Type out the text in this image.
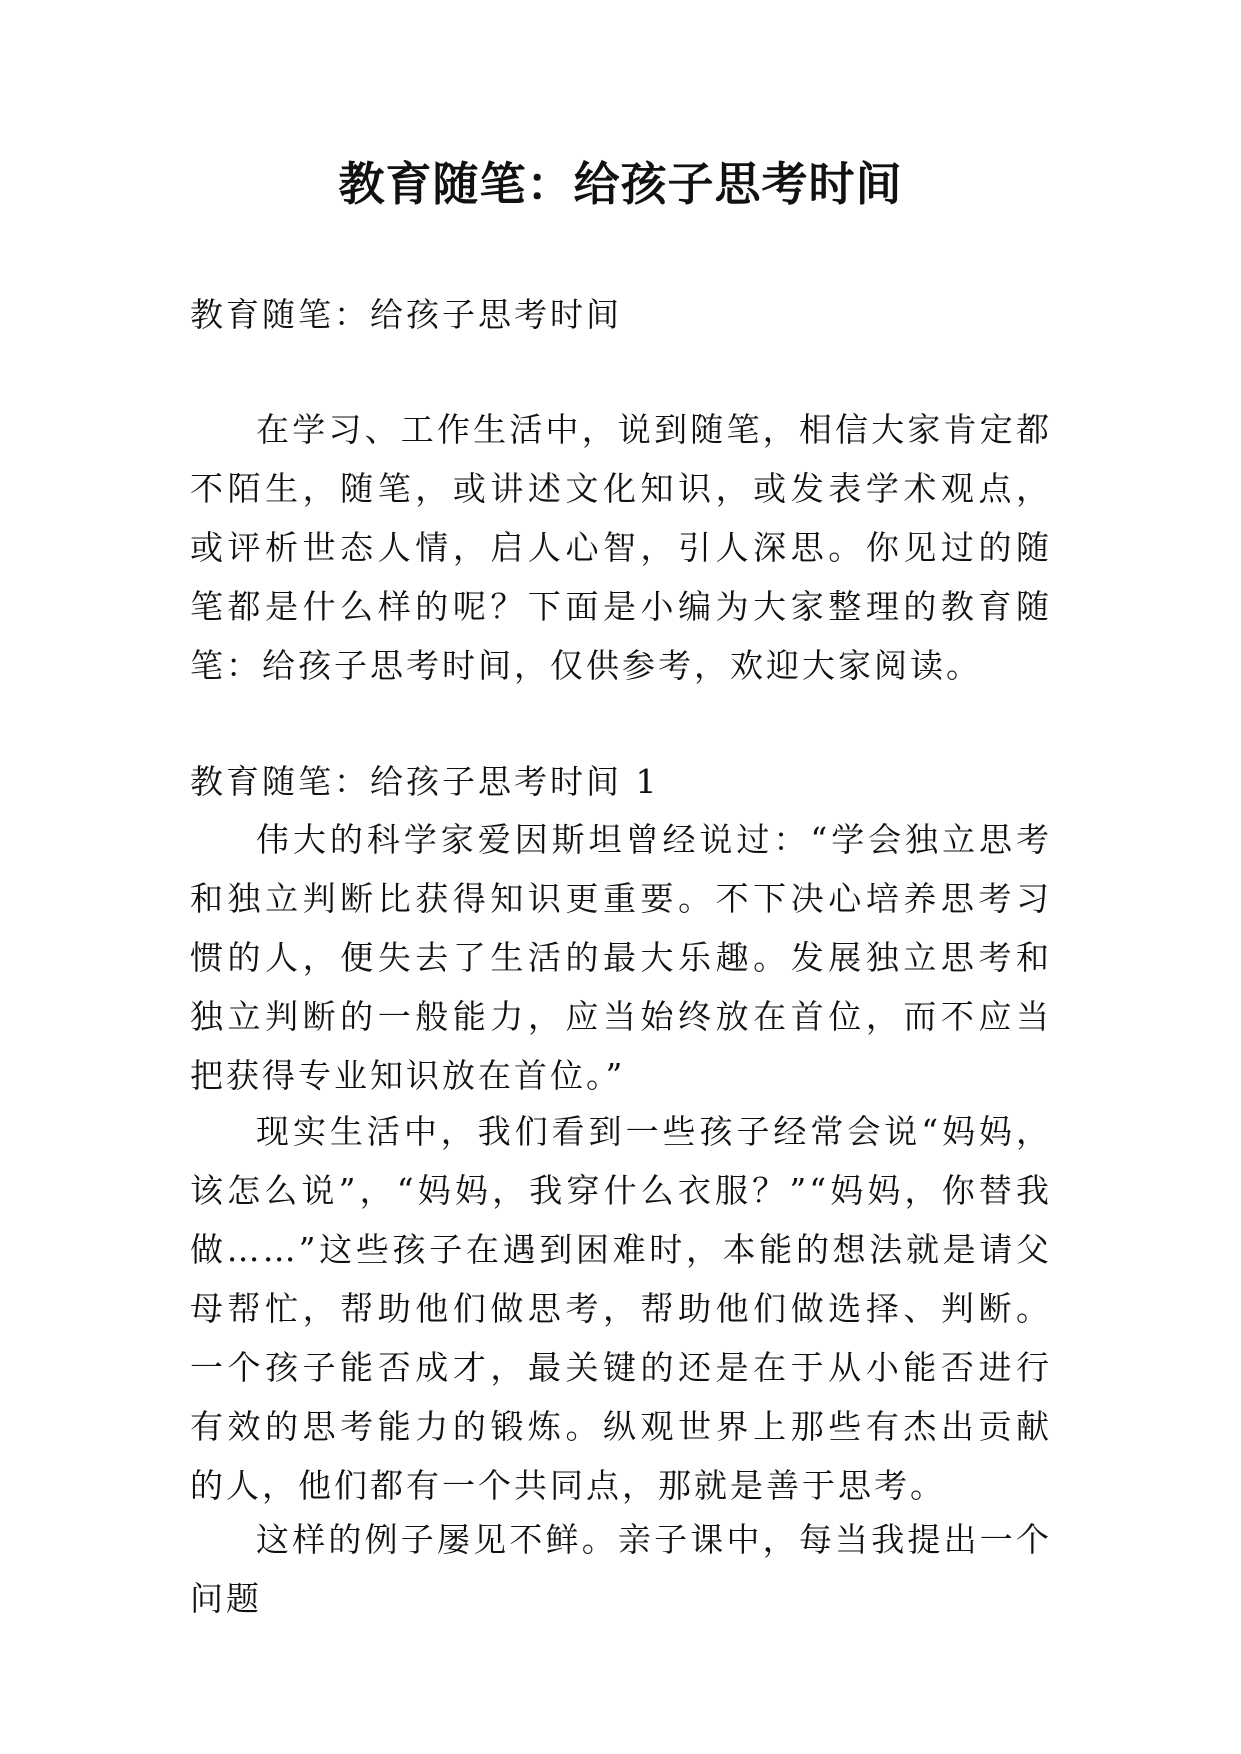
教育随笔：给孩子思考时间

教育随笔：给孩子思考时间

在学习、工作生活中，说到随笔，相信大家肯定都不陌生，随笔，或讲述文化知识，或发表学术观点，或评析世态人情，启人心智，引人深思。你见过的随笔都是什么样的呢？下面是小编为大家整理的教育随笔：给孩子思考时间，仅供参考，欢迎大家阅读。

教育随笔：给孩子思考时间 1

伟大的科学家爱因斯坦曾经说过：“学会独立思考和独立判断比获得知识更重要。不下决心培养思考习惯的人，便失去了生活的最大乐趣。发展独立思考和独立判断的一般能力，应当始终放在首位，而不应当把获得专业知识放在首位。”

现实生活中，我们看到一些孩子经常会说“妈妈，该怎么说”，“妈妈，我穿什么衣服？”“妈妈，你替我做……”这些孩子在遇到困难时，本能的想法就是请父母帮忙，帮助他们做思考，帮助他们做选择、判断。一个孩子能否成才，最关键的还是在于从小能否进行有效的思考能力的锻炼。纵观世界上那些有杰出贡献的人，他们都有一个共同点，那就是善于思考。

这样的例子屡见不鲜。亲子课中，每当我提出一个问题
